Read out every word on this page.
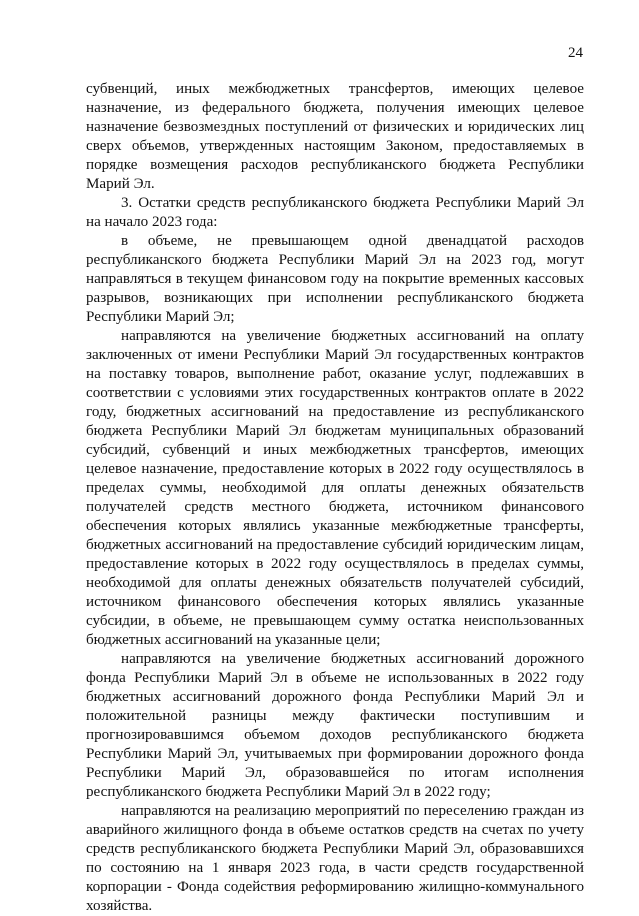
24

субвенций, иных межбюджетных трансфертов, имеющих целевое назначение, из федерального бюджета, получения имеющих целевое назначение безвозмездных поступлений от физических и юридических лиц сверх объемов, утвержденных настоящим Законом, предоставляемых в порядке возмещения расходов республиканского бюджета Республики Марий Эл.

3. Остатки средств республиканского бюджета Республики Марий Эл на начало 2023 года:

в объеме, не превышающем одной двенадцатой расходов республиканского бюджета Республики Марий Эл на 2023 год, могут направляться в текущем финансовом году на покрытие временных кассовых разрывов, возникающих при исполнении республиканского бюджета Республики Марий Эл;

направляются на увеличение бюджетных ассигнований на оплату заключенных от имени Республики Марий Эл государственных контрактов на поставку товаров, выполнение работ, оказание услуг, подлежавших в соответствии с условиями этих государственных контрактов оплате в 2022 году, бюджетных ассигнований на предоставление из республиканского бюджета Республики Марий Эл бюджетам муниципальных образований субсидий, субвенций и иных межбюджетных трансфертов, имеющих целевое назначение, предоставление которых в 2022 году осуществлялось в пределах суммы, необходимой для оплаты денежных обязательств получателей средств местного бюджета, источником финансового обеспечения которых являлись указанные межбюджетные трансферты, бюджетных ассигнований на предоставление субсидий юридическим лицам, предоставление которых в 2022 году осуществлялось в пределах суммы, необходимой для оплаты денежных обязательств получателей субсидий, источником финансового обеспечения которых являлись указанные субсидии, в объеме, не превышающем сумму остатка неиспользованных бюджетных ассигнований на указанные цели;

направляются на увеличение бюджетных ассигнований дорожного фонда Республики Марий Эл в объеме не использованных в 2022 году бюджетных ассигнований дорожного фонда Республики Марий Эл и положительной разницы между фактически поступившим и прогнозировавшимся объемом доходов республиканского бюджета Республики Марий Эл, учитываемых при формировании дорожного фонда Республики Марий Эл, образовавшейся по итогам исполнения республиканского бюджета Республики Марий Эл в 2022 году;

направляются на реализацию мероприятий по переселению граждан из аварийного жилищного фонда в объеме остатков средств на счетах по учету средств республиканского бюджета Республики Марий Эл, образовавшихся по состоянию на 1 января 2023 года, в части средств государственной корпорации - Фонда содействия реформированию жилищно-коммунального хозяйства.
